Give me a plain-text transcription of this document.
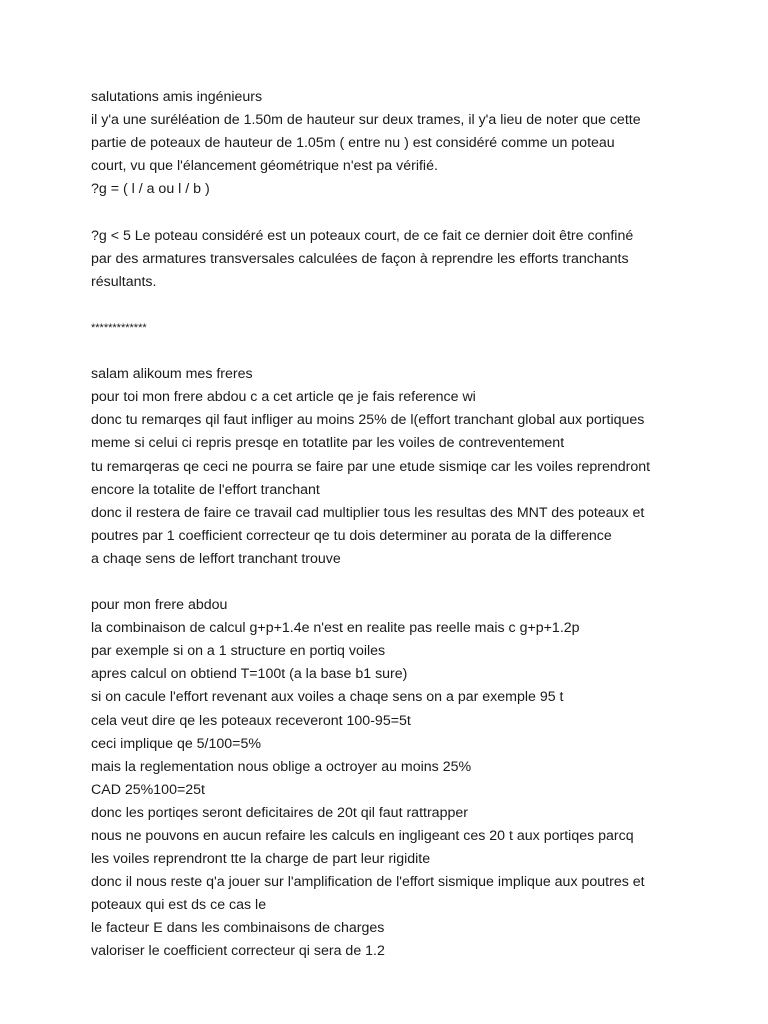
salutations amis ingénieurs
il y'a une suréléation de 1.50m de hauteur sur deux trames, il y'a lieu de noter que cette
partie de poteaux de hauteur de 1.05m ( entre nu ) est considéré comme un poteau
court, vu que l'élancement géométrique n'est pa vérifié.
?g = ( l / a ou l / b )
?g < 5 Le poteau considéré est un poteaux court, de ce fait ce dernier doit être confiné
par des armatures transversales calculées de façon à reprendre les efforts tranchants
résultants.
*************
salam alikoum mes freres
pour toi mon frere abdou c a cet article qe je fais reference wi
donc tu remarqes qil faut infliger au moins 25% de l(effort tranchant global aux portiques
meme si celui ci repris presqe en totatlite par les voiles de contreventement
tu remarqeras qe ceci ne pourra se faire par une etude sismiqe car les voiles reprendront
encore la totalite de l'effort tranchant
donc il restera de faire ce travail cad multiplier tous les resultas des MNT des poteaux et
poutres par 1 coefficient correcteur qe tu dois determiner au porata de la difference
a chaqe sens de leffort tranchant trouve
pour mon frere abdou
la combinaison de calcul g+p+1.4e n'est en realite pas reelle mais c g+p+1.2p
par exemple si on a 1 structure en portiq voiles
apres calcul on obtiend T=100t (a la base b1 sure)
si on cacule l'effort revenant aux voiles a chaqe sens on a par exemple 95 t
cela veut dire qe les poteaux receveront 100-95=5t
ceci implique qe 5/100=5%
mais la reglementation nous oblige a octroyer au moins 25%
CAD 25%100=25t
donc les portiqes seront deficitaires de 20t qil faut rattrapper
nous ne pouvons en aucun refaire les calculs en ingligeant ces 20 t aux portiqes parcq
les voiles reprendront tte la charge de part leur rigidite
donc il nous reste q'a jouer sur l'amplification de l'effort sismique implique aux poutres et
poteaux qui est ds ce cas le
le facteur E dans les combinaisons de charges
valoriser le coefficient correcteur qi sera de 1.2
